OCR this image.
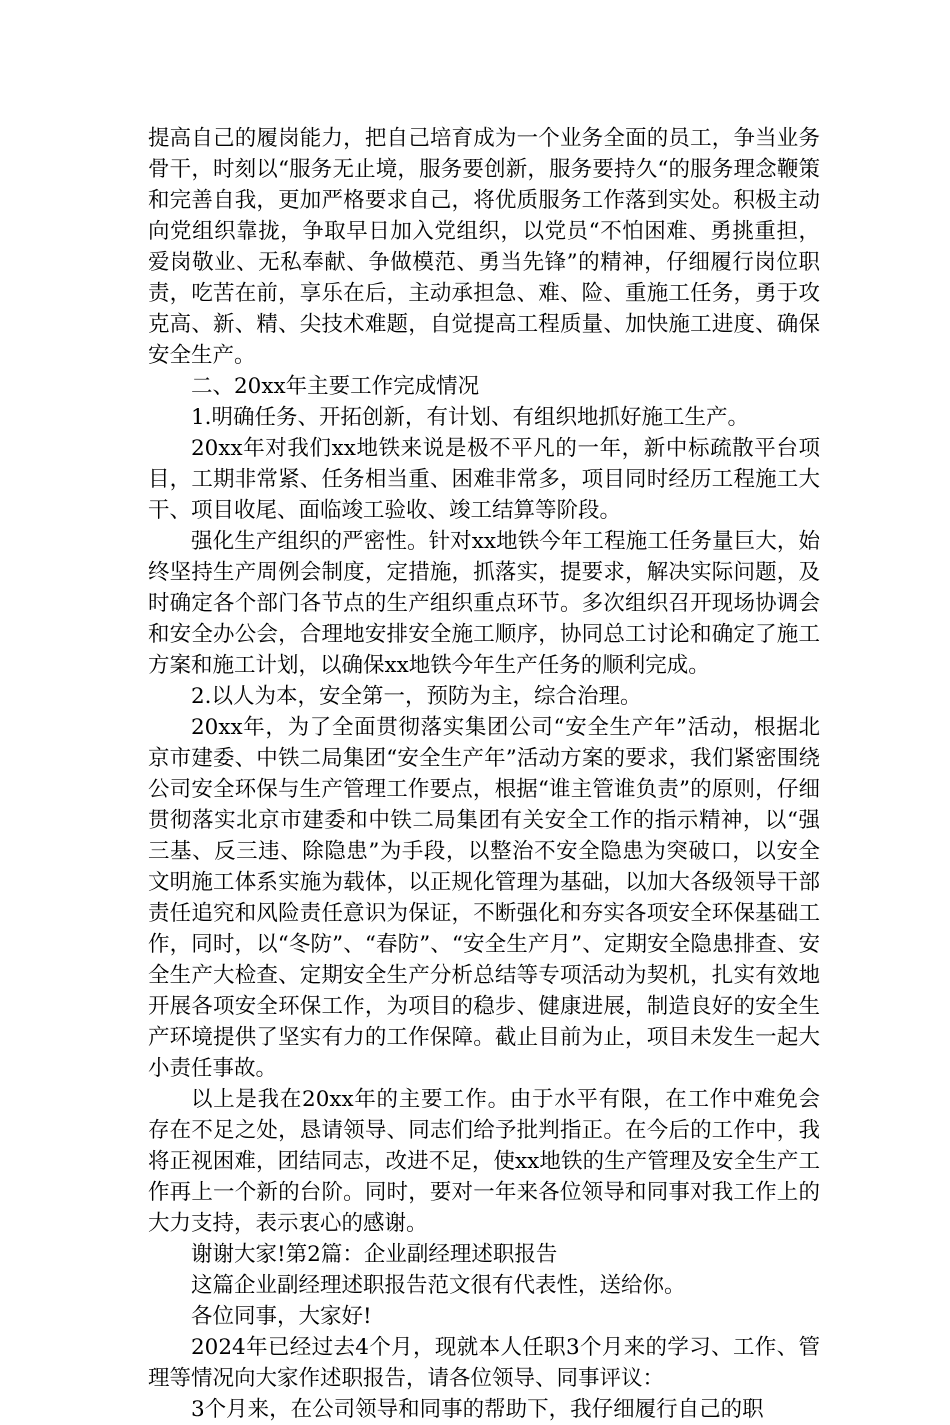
提高自己的履岗能力，把自己培育成为一个业务全面的员工，争当业务骨干，时刻以“服务无止境，服务要创新，服务要持久“的服务理念鞭策和完善自我，更加严格要求自己，将优质服务工作落到实处。积极主动向党组织靠拢，争取早日加入党组织，以党员“不怕困难、勇挑重担，爱岗敬业、无私奉献、争做模范、勇当先锋”的精神，仔细履行岗位职责，吃苦在前，享乐在后，主动承担急、难、险、重施工任务，勇于攻克高、新、精、尖技术难题，自觉提高工程质量、加快施工进度、确保安全生产。

二、20xx年主要工作完成情况

1.明确任务、开拓创新，有计划、有组织地抓好施工生产。

20xx年对我们xx地铁来说是极不平凡的一年，新中标疏散平台项目，工期非常紧、任务相当重、困难非常多，项目同时经历工程施工大干、项目收尾、面临竣工验收、竣工结算等阶段。

强化生产组织的严密性。针对xx地铁今年工程施工任务量巨大，始终坚持生产周例会制度，定措施，抓落实，提要求，解决实际问题，及时确定各个部门各节点的生产组织重点环节。多次组织召开现场协调会和安全办公会，合理地安排安全施工顺序，协同总工讨论和确定了施工方案和施工计划，以确保xx地铁今年生产任务的顺利完成。

2.以人为本，安全第一，预防为主，综合治理。

20xx年，为了全面贯彻落实集团公司“安全生产年”活动，根据北京市建委、中铁二局集团“安全生产年”活动方案的要求，我们紧密围绕公司安全环保与生产管理工作要点，根据“谁主管谁负责”的原则，仔细贯彻落实北京市建委和中铁二局集团有关安全工作的指示精神，以“强三基、反三违、除隐患”为手段，以整治不安全隐患为突破口，以安全文明施工体系实施为载体，以正规化管理为基础，以加大各级领导干部责任追究和风险责任意识为保证，不断强化和夯实各项安全环保基础工作，同时，以“冬防”、“春防”、“安全生产月”、定期安全隐患排查、安全生产大检查、定期安全生产分析总结等专项活动为契机，扎实有效地开展各项安全环保工作，为项目的稳步、健康进展，制造良好的安全生产环境提供了坚实有力的工作保障。截止目前为止，项目未发生一起大小责任事故。

以上是我在20xx年的主要工作。由于水平有限，在工作中难免会存在不足之处，恳请领导、同志们给予批判指正。在今后的工作中，我将正视困难，团结同志，改进不足，使xx地铁的生产管理及安全生产工作再上一个新的台阶。同时，要对一年来各位领导和同事对我工作上的大力支持，表示衷心的感谢。

谢谢大家!第2篇：企业副经理述职报告

这篇企业副经理述职报告范文很有代表性，送给你。

各位同事，大家好!

2024年已经过去4个月，现就本人任职3个月来的学习、工作、管理等情况向大家作述职报告，请各位领导、同事评议：

3个月来，在公司领导和同事的帮助下，我仔细履行自己的职
